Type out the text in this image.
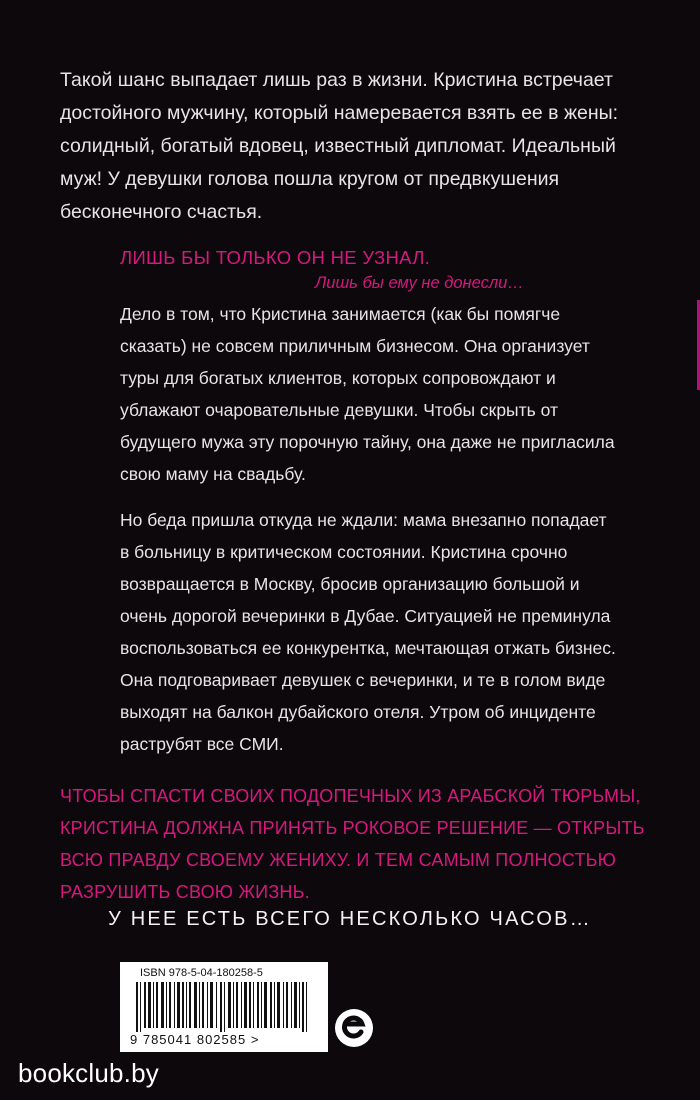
Такой шанс выпадает лишь раз в жизни. Кристина встречает достойного мужчину, который намеревается взять ее в жены: солидный, богатый вдовец, известный дипломат. Идеальный муж! У девушки голова пошла кругом от предвкушения бесконечного счастья.
ЛИШЬ БЫ ТОЛЬКО ОН НЕ УЗНАЛ.
Лишь бы ему не донесли…

Дело в том, что Кристина занимается (как бы помягче сказать) не совсем приличным бизнесом. Она организует туры для богатых клиентов, которых сопровождают и ублажают очаровательные девушки. Чтобы скрыть от будущего мужа эту порочную тайну, она даже не пригласила свою маму на свадьбу.

Но беда пришла откуда не ждали: мама внезапно попадает в больницу в критическом состоянии. Кристина срочно возвращается в Москву, бросив организацию большой и очень дорогой вечеринки в Дубае. Ситуацией не преминула воспользоваться ее конкурентка, мечтающая отжать бизнес. Она подговаривает девушек с вечеринки, и те в голом виде выходят на балкон дубайского отеля. Утром об инциденте раструбят все СМИ.

ЧТОБЫ СПАСТИ СВОИХ ПОДОПЕЧНЫХ ИЗ АРАБСКОЙ ТЮРЬМЫ, КРИСТИНА ДОЛЖНА ПРИНЯТЬ РОКОВОЕ РЕШЕНИЕ — ОТКРЫТЬ ВСЮ ПРАВДУ СВОЕМУ ЖЕНИХУ. И ТЕМ САМЫМ ПОЛНОСТЬЮ РАЗРУШИТЬ СВОЮ ЖИЗНЬ.
У НЕЕ ЕСТЬ ВСЕГО НЕСКОЛЬКО ЧАСОВ…
ISBN 978-5-04-180258-5
9 785041 802585 >
bookclub.by
